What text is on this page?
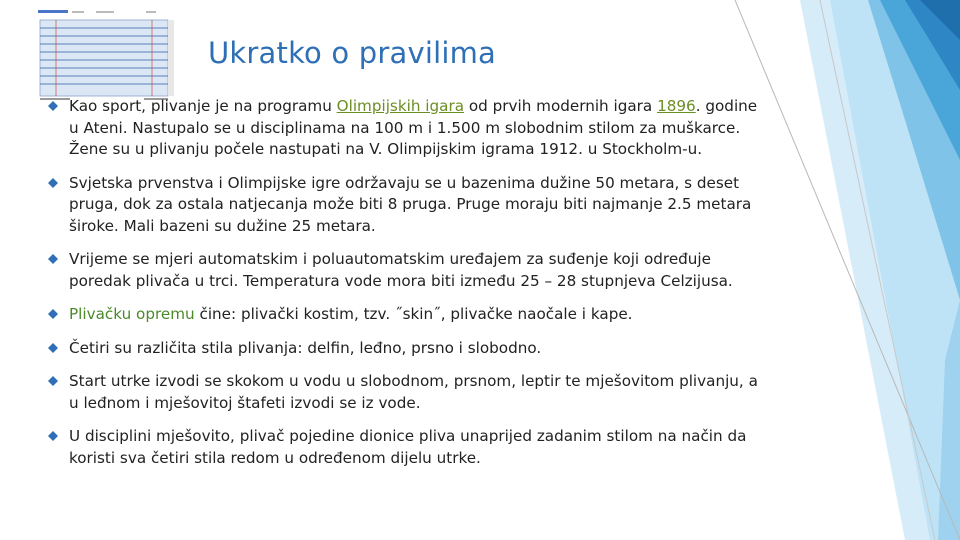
Ukratko o pravilima
Kao sport, plivanje je na programu Olimpijskih igara od prvih modernih igara 1896. godine u Ateni. Nastupalo se u disciplinama na 100 m i 1.500 m slobodnim stilom za muškarce. Žene su u plivanju počele nastupati na V. Olimpijskim igrama 1912. u Stockholm-u.
Svjetska prvenstva i Olimpijske igre održavaju se u bazenima dužine 50 metara, s deset pruga, dok za ostala natjecanja može biti 8 pruga. Pruge moraju biti najmanje 2.5 metara široke. Mali bazeni su dužine 25 metara.
Vrijeme se mjeri automatskim i poluautomatskim uređajem za suđenje koji određuje poredak plivača u trci. Temperatura vode mora biti između 25 – 28 stupnjeva Celzijusa.
Plivačku opremu čine: plivački kostim, tzv. ˝skin˝, plivačke naočale i kape.
Četiri su različita stila plivanja: delfin, leđno, prsno i slobodno.
Start utrke izvodi se skokom u vodu u slobodnom, prsnom, leptir te mješovitom plivanju, a u leđnom i mješovitoj štafeti izvodi se iz vode.
U disciplini mješovito, plivač pojedine dionice pliva unaprijed zadanim stilom na način da koristi sva četiri stila redom u određenom dijelu utrke.
